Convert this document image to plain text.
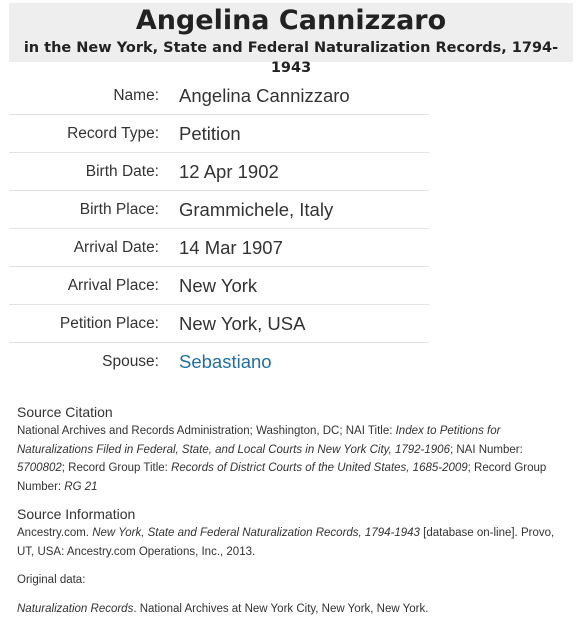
Angelina Cannizzaro
in the New York, State and Federal Naturalization Records, 1794-1943
Name:	Angelina Cannizzaro
Record Type:	Petition
Birth Date:	12 Apr 1902
Birth Place:	Grammichele, Italy
Arrival Date:	14 Mar 1907
Arrival Place:	New York
Petition Place:	New York, USA
Spouse:	Sebastiano
Source Citation

National Archives and Records Administration; Washington, DC; NAI Title: Index to Petitions for Naturalizations Filed in Federal, State, and Local Courts in New York City, 1792-1906; NAI Number: 5700802; Record Group Title: Records of District Courts of the United States, 1685-2009; Record Group Number: RG 21

Source Information

Ancestry.com. New York, State and Federal Naturalization Records, 1794-1943 [database on-line]. Provo, UT, USA: Ancestry.com Operations, Inc., 2013.

Original data:

Naturalization Records. National Archives at New York City, New York, New York.
